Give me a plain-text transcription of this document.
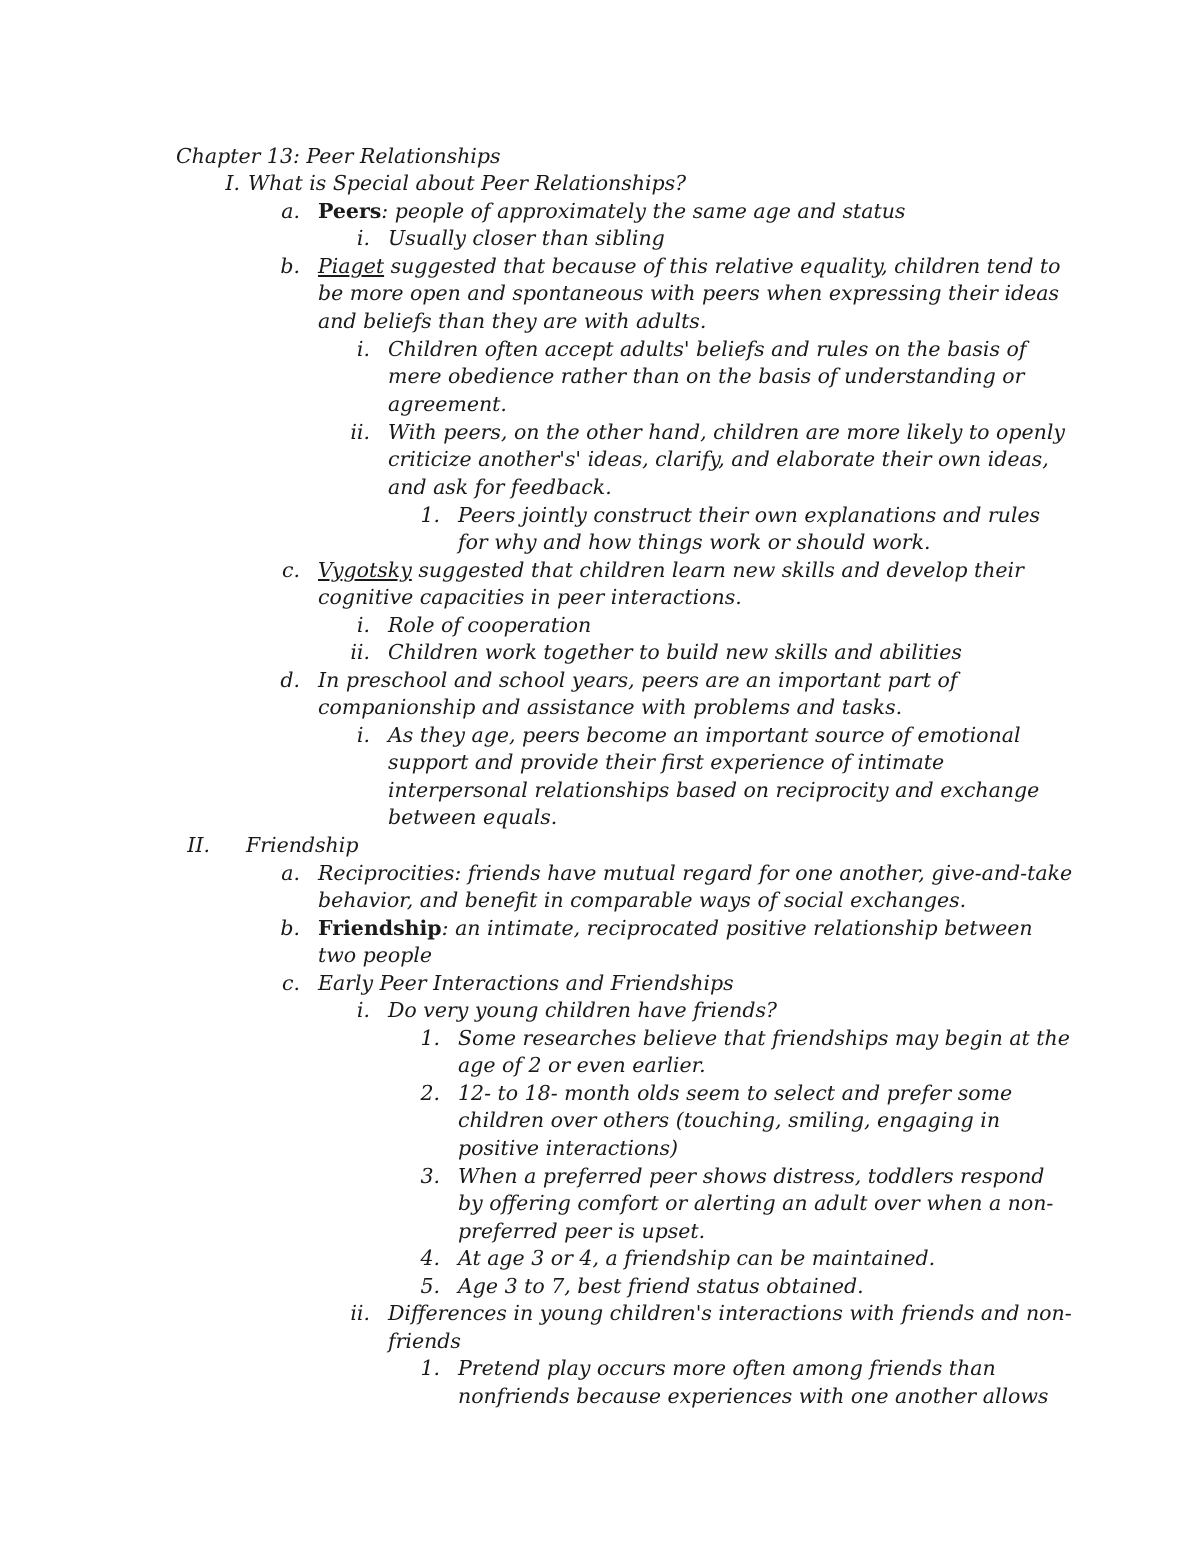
Chapter 13: Peer Relationships
I. What is Special about Peer Relationships?
a. Peers: people of approximately the same age and status
i. Usually closer than sibling
b. Piaget suggested that because of this relative equality, children tend to
be more open and spontaneous with peers when expressing their ideas
and beliefs than they are with adults.
i. Children often accept adults' beliefs and rules on the basis of
mere obedience rather than on the basis of understanding or
agreement.
ii. With peers, on the other hand, children are more likely to openly
criticize another's' ideas, clarify, and elaborate their own ideas,
and ask for feedback.
1. Peers jointly construct their own explanations and rules
for why and how things work or should work.
c. Vygotsky suggested that children learn new skills and develop their
cognitive capacities in peer interactions.
i. Role of cooperation
ii. Children work together to build new skills and abilities
d. In preschool and school years, peers are an important part of
companionship and assistance with problems and tasks.
i. As they age, peers become an important source of emotional
support and provide their first experience of intimate
interpersonal relationships based on reciprocity and exchange
between equals.
II. Friendship
a. Reciprocities: friends have mutual regard for one another, give-and-take
behavior, and benefit in comparable ways of social exchanges.
b. Friendship: an intimate, reciprocated positive relationship between
two people
c. Early Peer Interactions and Friendships
i. Do very young children have friends?
1. Some researches believe that friendships may begin at the
age of 2 or even earlier.
2. 12- to 18- month olds seem to select and prefer some
children over others (touching, smiling, engaging in
positive interactions)
3. When a preferred peer shows distress, toddlers respond
by offering comfort or alerting an adult over when a non-
preferred peer is upset.
4. At age 3 or 4, a friendship can be maintained.
5. Age 3 to 7, best friend status obtained.
ii. Differences in young children's interactions with friends and non-
friends
1. Pretend play occurs more often among friends than
nonfriends because experiences with one another allows
